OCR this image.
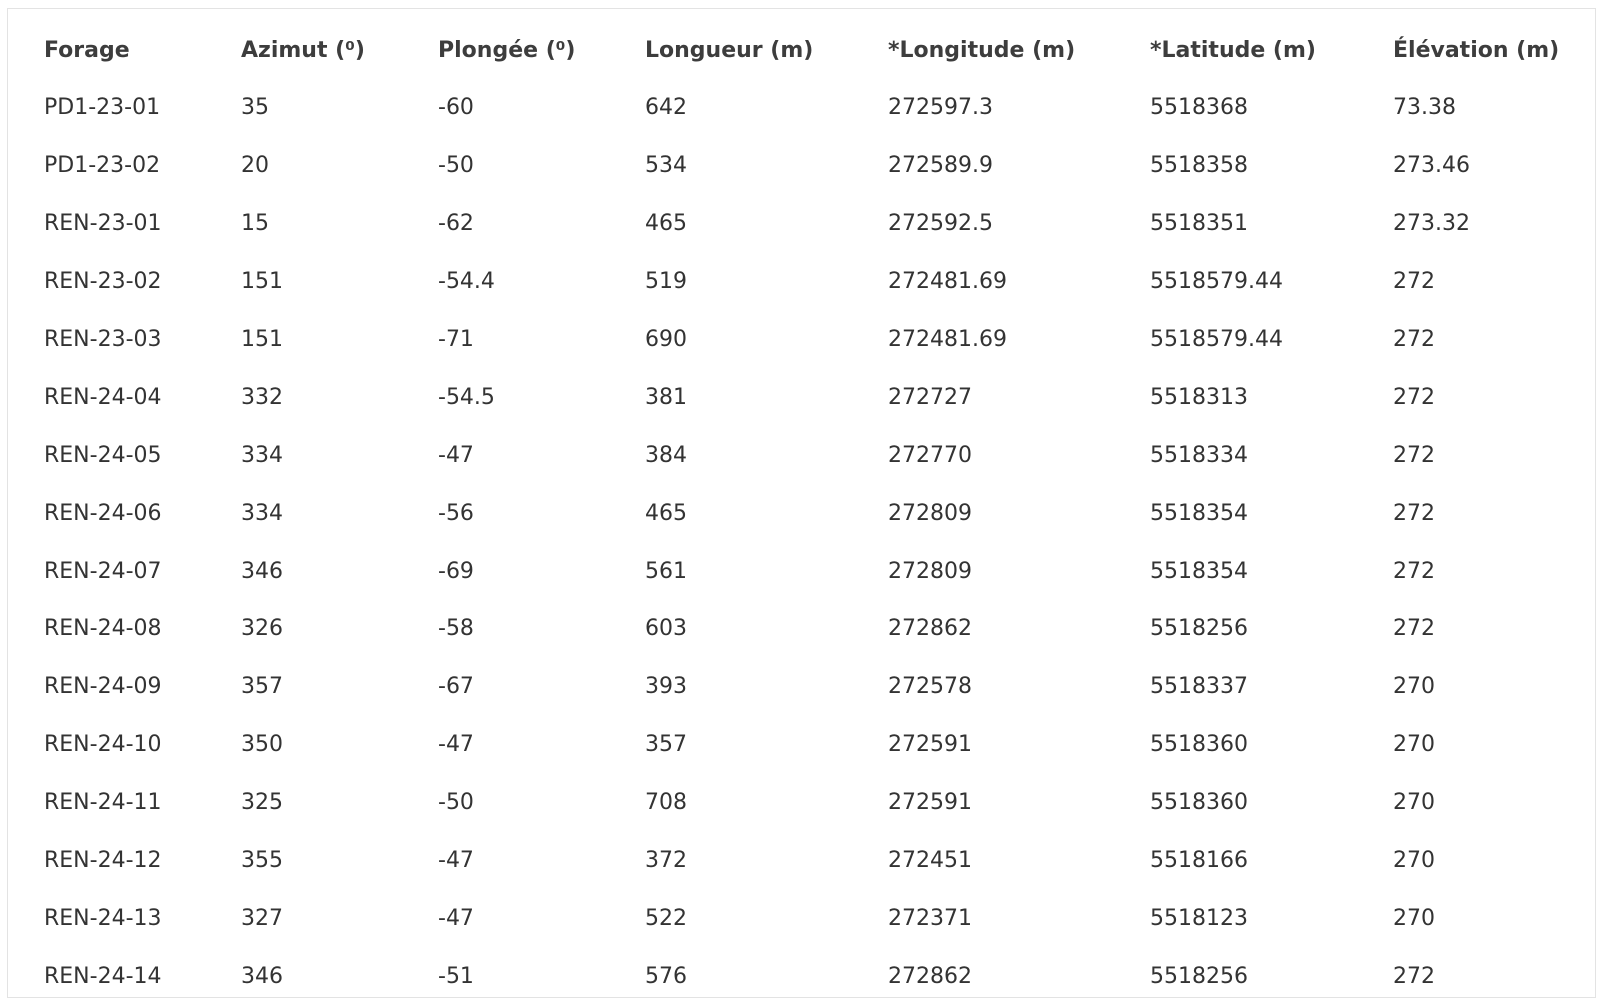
Forage	Azimut (⁰)	Plongée (⁰)	Longueur (m)	*Longitude (m)	*Latitude (m)	Élévation (m)
PD1-23-01	35	-60	642	272597.3	5518368	73.38
PD1-23-02	20	-50	534	272589.9	5518358	273.46
REN-23-01	15	-62	465	272592.5	5518351	273.32
REN-23-02	151	-54.4	519	272481.69	5518579.44	272
REN-23-03	151	-71	690	272481.69	5518579.44	272
REN-24-04	332	-54.5	381	272727	5518313	272
REN-24-05	334	-47	384	272770	5518334	272
REN-24-06	334	-56	465	272809	5518354	272
REN-24-07	346	-69	561	272809	5518354	272
REN-24-08	326	-58	603	272862	5518256	272
REN-24-09	357	-67	393	272578	5518337	270
REN-24-10	350	-47	357	272591	5518360	270
REN-24-11	325	-50	708	272591	5518360	270
REN-24-12	355	-47	372	272451	5518166	270
REN-24-13	327	-47	522	272371	5518123	270
REN-24-14	346	-51	576	272862	5518256	272
